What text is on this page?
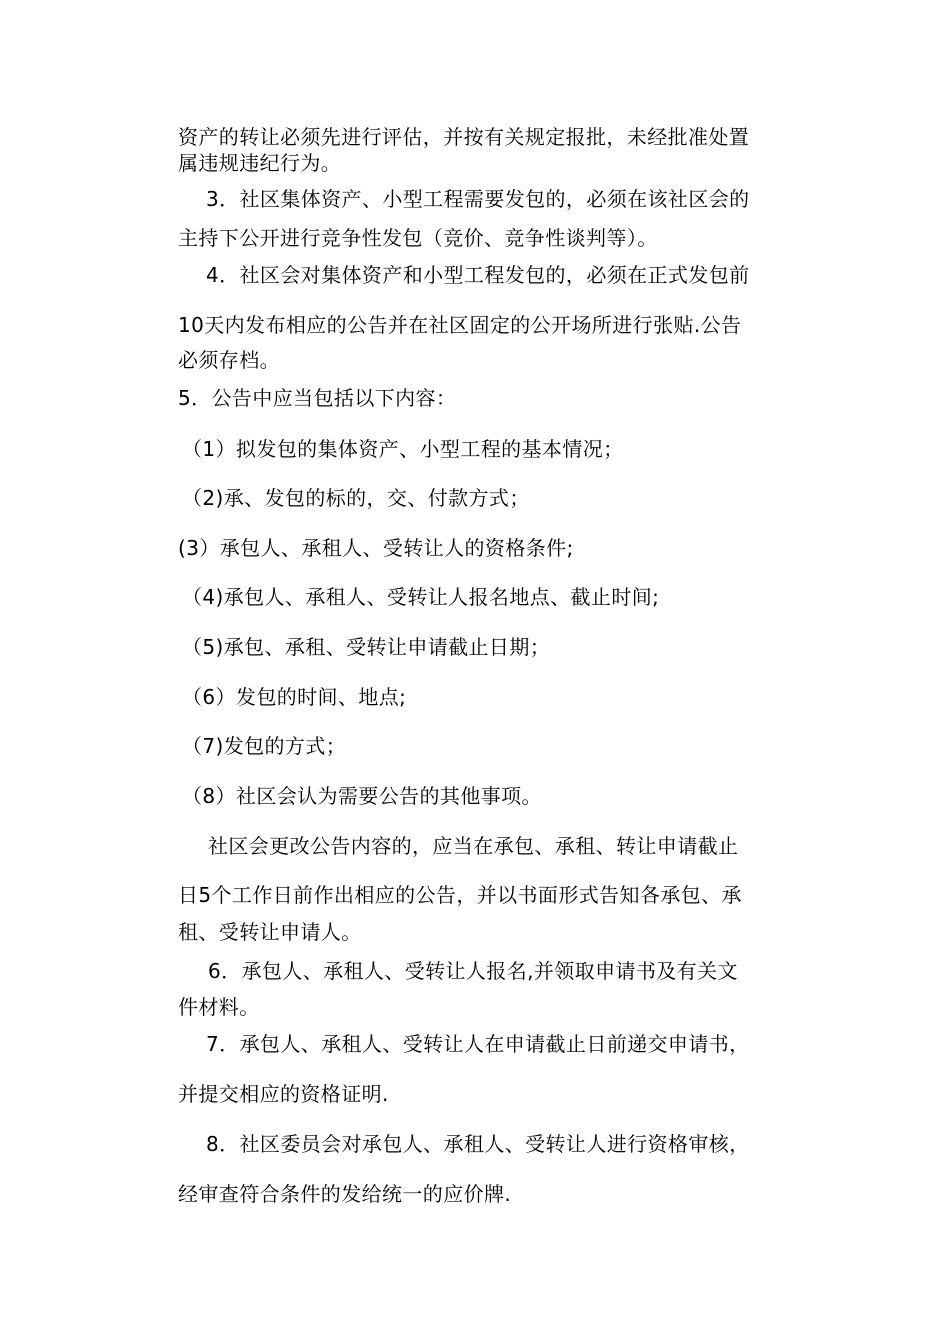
资产的转让必须先进行评估，并按有关规定报批，未经批准处置
属违规违纪行为。
3．社区集体资产、小型工程需要发包的，必须在该社区会的
主持下公开进行竞争性发包（竞价、竞争性谈判等）。
4．社区会对集体资产和小型工程发包的，必须在正式发包前
10天内发布相应的公告并在社区固定的公开场所进行张贴.公告
必须存档。
5．公告中应当包括以下内容：
（1）拟发包的集体资产、小型工程的基本情况；
（2)承、发包的标的，交、付款方式；
(3）承包人、承租人、受转让人的资格条件;
（4)承包人、承租人、受转让人报名地点、截止时间;
（5)承包、承租、受转让申请截止日期；
（6）发包的时间、地点;
（7)发包的方式；
（8）社区会认为需要公告的其他事项。
社区会更改公告内容的，应当在承包、承租、转让申请截止
日5个工作日前作出相应的公告，并以书面形式告知各承包、承
租、受转让申请人。
6．承包人、承租人、受转让人报名,并领取申请书及有关文
件材料。
7．承包人、承租人、受转让人在申请截止日前递交申请书，
并提交相应的资格证明.
8．社区委员会对承包人、承租人、受转让人进行资格审核，
经审查符合条件的发给统一的应价牌.
